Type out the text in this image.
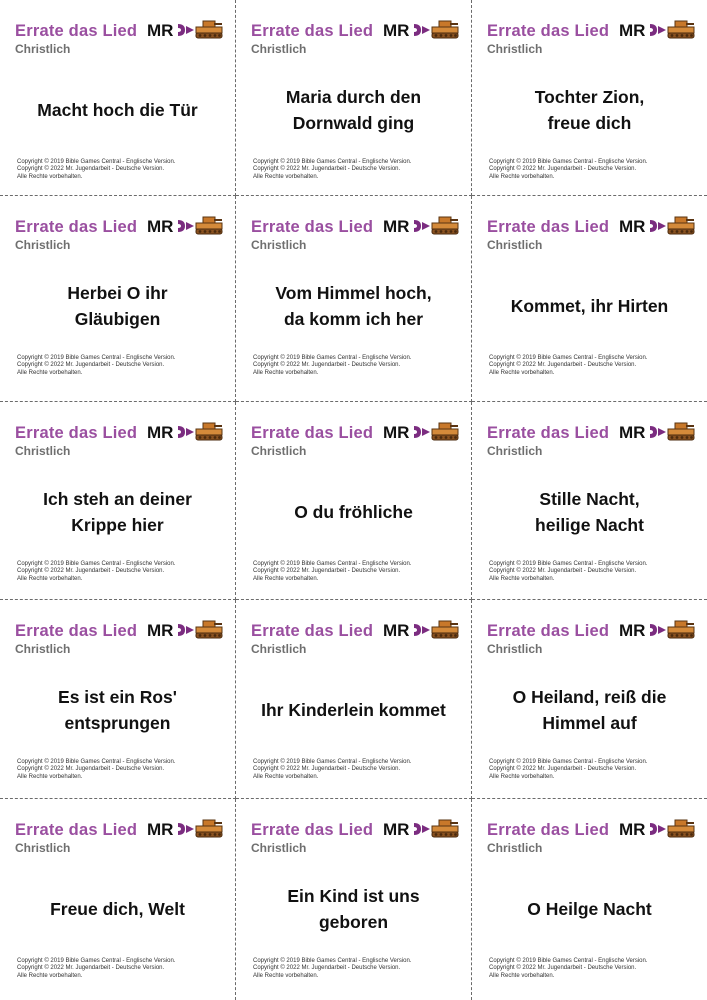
Errate das Lied
Christlich
MR
Macht hoch die Tür
Copyright © 2019 Bible Games Central - Englische Version.
Copyright © 2022 Mr. Jugendarbeit - Deutsche Version.
Alle Rechte vorbehalten.
Errate das Lied
Christlich
MR
Maria durch den
Dornwald ging
Copyright © 2019 Bible Games Central - Englische Version.
Copyright © 2022 Mr. Jugendarbeit - Deutsche Version.
Alle Rechte vorbehalten.
Errate das Lied
Christlich
MR
Tochter Zion,
freue dich
Copyright © 2019 Bible Games Central - Englische Version.
Copyright © 2022 Mr. Jugendarbeit - Deutsche Version.
Alle Rechte vorbehalten.
Errate das Lied
Christlich
MR
Herbei O ihr
Gläubigen
Copyright © 2019 Bible Games Central - Englische Version.
Copyright © 2022 Mr. Jugendarbeit - Deutsche Version.
Alle Rechte vorbehalten.
Errate das Lied
Christlich
MR
Vom Himmel hoch,
da komm ich her
Copyright © 2019 Bible Games Central - Englische Version.
Copyright © 2022 Mr. Jugendarbeit - Deutsche Version.
Alle Rechte vorbehalten.
Errate das Lied
Christlich
MR
Kommet, ihr Hirten
Copyright © 2019 Bible Games Central - Englische Version.
Copyright © 2022 Mr. Jugendarbeit - Deutsche Version.
Alle Rechte vorbehalten.
Errate das Lied
Christlich
MR
Ich steh an deiner
Krippe hier
Copyright © 2019 Bible Games Central - Englische Version.
Copyright © 2022 Mr. Jugendarbeit - Deutsche Version.
Alle Rechte vorbehalten.
Errate das Lied
Christlich
MR
O du fröhliche
Copyright © 2019 Bible Games Central - Englische Version.
Copyright © 2022 Mr. Jugendarbeit - Deutsche Version.
Alle Rechte vorbehalten.
Errate das Lied
Christlich
MR
Stille Nacht,
heilige Nacht
Copyright © 2019 Bible Games Central - Englische Version.
Copyright © 2022 Mr. Jugendarbeit - Deutsche Version.
Alle Rechte vorbehalten.
Errate das Lied
Christlich
MR
Es ist ein Ros'
entsprungen
Copyright © 2019 Bible Games Central - Englische Version.
Copyright © 2022 Mr. Jugendarbeit - Deutsche Version.
Alle Rechte vorbehalten.
Errate das Lied
Christlich
MR
Ihr Kinderlein kommet
Copyright © 2019 Bible Games Central - Englische Version.
Copyright © 2022 Mr. Jugendarbeit - Deutsche Version.
Alle Rechte vorbehalten.
Errate das Lied
Christlich
MR
O Heiland, reiß die
Himmel auf
Copyright © 2019 Bible Games Central - Englische Version.
Copyright © 2022 Mr. Jugendarbeit - Deutsche Version.
Alle Rechte vorbehalten.
Errate das Lied
Christlich
MR
Freue dich, Welt
Copyright © 2019 Bible Games Central - Englische Version.
Copyright © 2022 Mr. Jugendarbeit - Deutsche Version.
Alle Rechte vorbehalten.
Errate das Lied
Christlich
MR
Ein Kind ist uns
geboren
Copyright © 2019 Bible Games Central - Englische Version.
Copyright © 2022 Mr. Jugendarbeit - Deutsche Version.
Alle Rechte vorbehalten.
Errate das Lied
Christlich
MR
O Heilge Nacht
Copyright © 2019 Bible Games Central - Englische Version.
Copyright © 2022 Mr. Jugendarbeit - Deutsche Version.
Alle Rechte vorbehalten.
